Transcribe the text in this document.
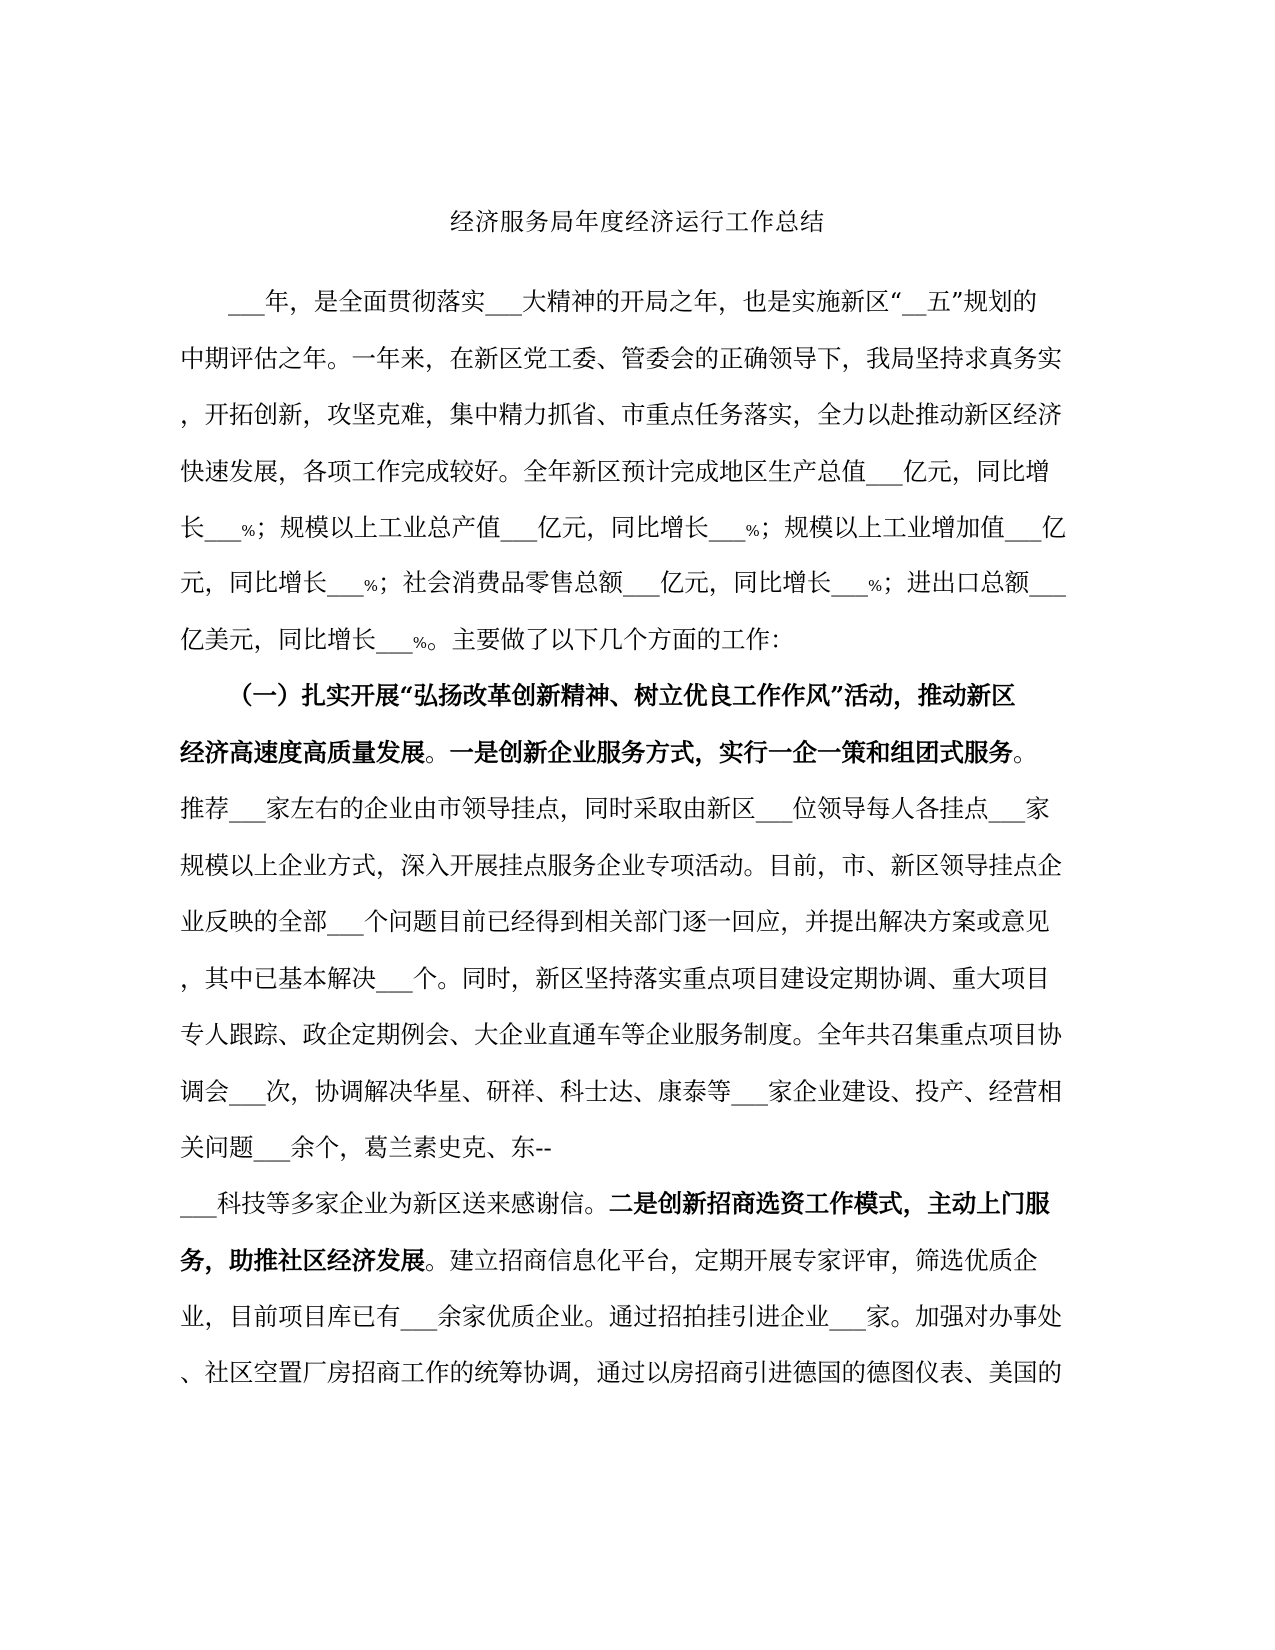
经济服务局年度经济运行工作总结
___年，是全面贯彻落实___大精神的开局之年，也是实施新区“__五”规划的
中期评估之年。一年来，在新区党工委、管委会的正确领导下，我局坚持求真务实
，开拓创新，攻坚克难，集中精力抓省、市重点任务落实，全力以赴推动新区经济
快速发展，各项工作完成较好。全年新区预计完成地区生产总值___亿元，同比增
长___%；规模以上工业总产值___亿元，同比增长___%；规模以上工业增加值___亿
元，同比增长___%；社会消费品零售总额___亿元，同比增长___%；进出口总额___
亿美元，同比增长___%。主要做了以下几个方面的工作：
（一）扎实开展“弘扬改革创新精神、树立优良工作作风”活动，推动新区
经济高速度高质量发展。一是创新企业服务方式，实行一企一策和组团式服务。
推荐___家左右的企业由市领导挂点，同时采取由新区___位领导每人各挂点___家
规模以上企业方式，深入开展挂点服务企业专项活动。目前，市、新区领导挂点企
业反映的全部___个问题目前已经得到相关部门逐一回应，并提出解决方案或意见
，其中已基本解决___个。同时，新区坚持落实重点项目建设定期协调、重大项目
专人跟踪、政企定期例会、大企业直通车等企业服务制度。全年共召集重点项目协
调会___次，协调解决华星、研祥、科士达、康泰等___家企业建设、投产、经营相
关问题___余个，葛兰素史克、东--
___科技等多家企业为新区送来感谢信。二是创新招商选资工作模式，主动上门服
务，助推社区经济发展。建立招商信息化平台，定期开展专家评审，筛选优质企
业，目前项目库已有___余家优质企业。通过招拍挂引进企业___家。加强对办事处
、社区空置厂房招商工作的统筹协调，通过以房招商引进德国的德图仪表、美国的
